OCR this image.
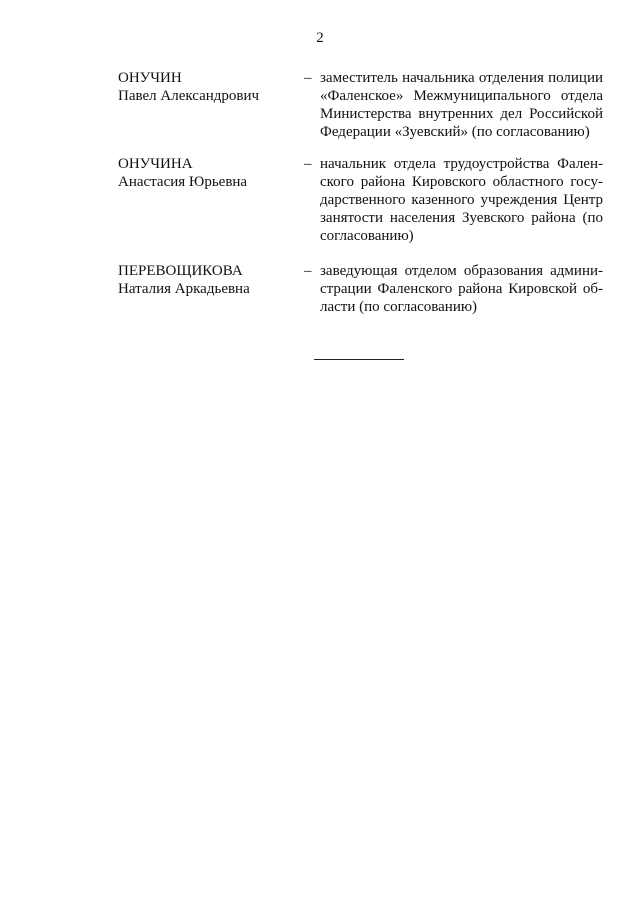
2
ОНУЧИН
Павел Александрович
– заместитель начальника отделения полиции
«Фаленское» Межмуниципального отдела
Министерства внутренних дел Российской
Федерации «Зуевский» (по согласованию)
ОНУЧИНА
Анастасия Юрьевна
– начальник отдела трудоустройства Фален-
ского района Кировского областного госу-
дарственного казенного учреждения Центр
занятости населения Зуевского района (по
согласованию)
ПЕРЕВОЩИКОВА
Наталия Аркадьевна
– заведующая отделом образования админи-
страции Фаленского района Кировской об-
ласти (по согласованию)
